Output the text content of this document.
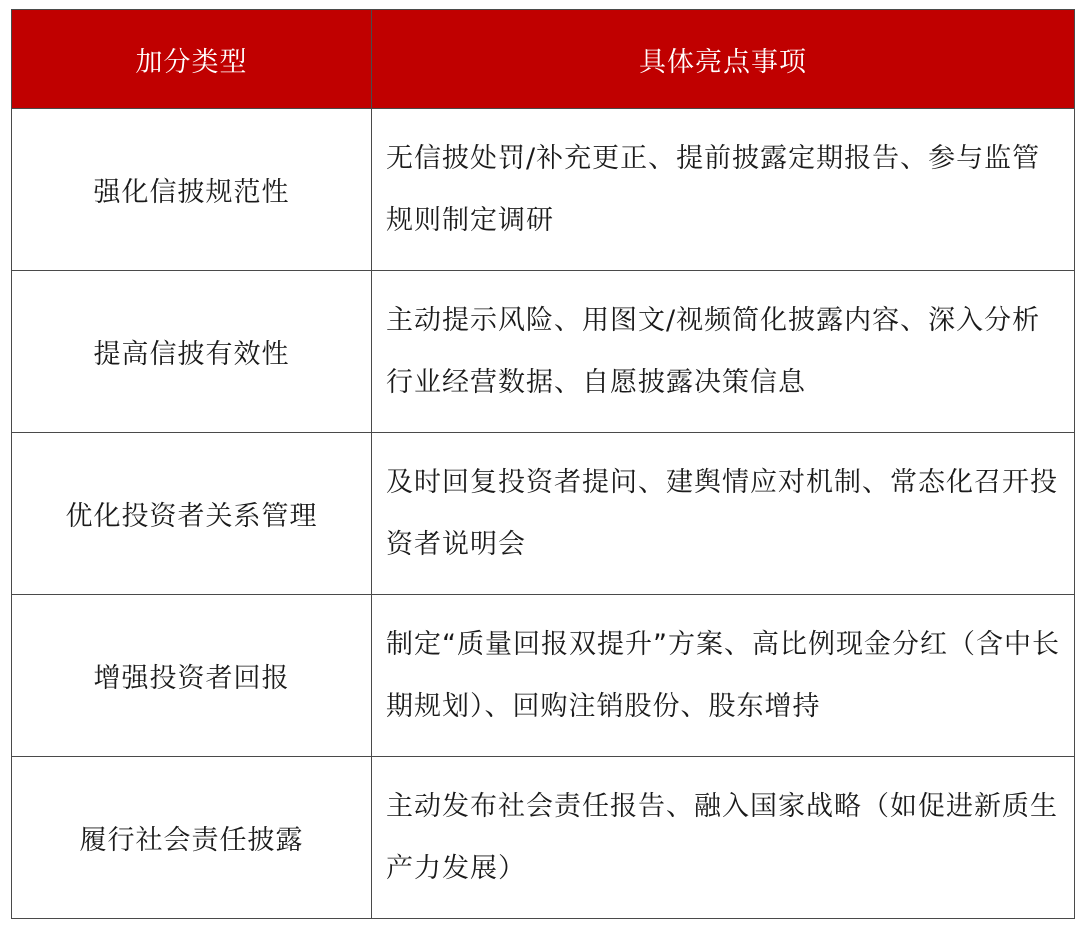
加分类型	具体亮点事项
强化信披规范性	无信披处罚/补充更正、提前披露定期报告、参与监管规则制定调研
提高信披有效性	主动提示风险、用图文/视频简化披露内容、深入分析行业经营数据、自愿披露决策信息
优化投资者关系管理	及时回复投资者提问、建舆情应对机制、常态化召开投资者说明会
增强投资者回报	制定“质量回报双提升”方案、高比例现金分红（含中长期规划）、回购注销股份、股东增持
履行社会责任披露	主动发布社会责任报告、融入国家战略（如促进新质生产力发展）
